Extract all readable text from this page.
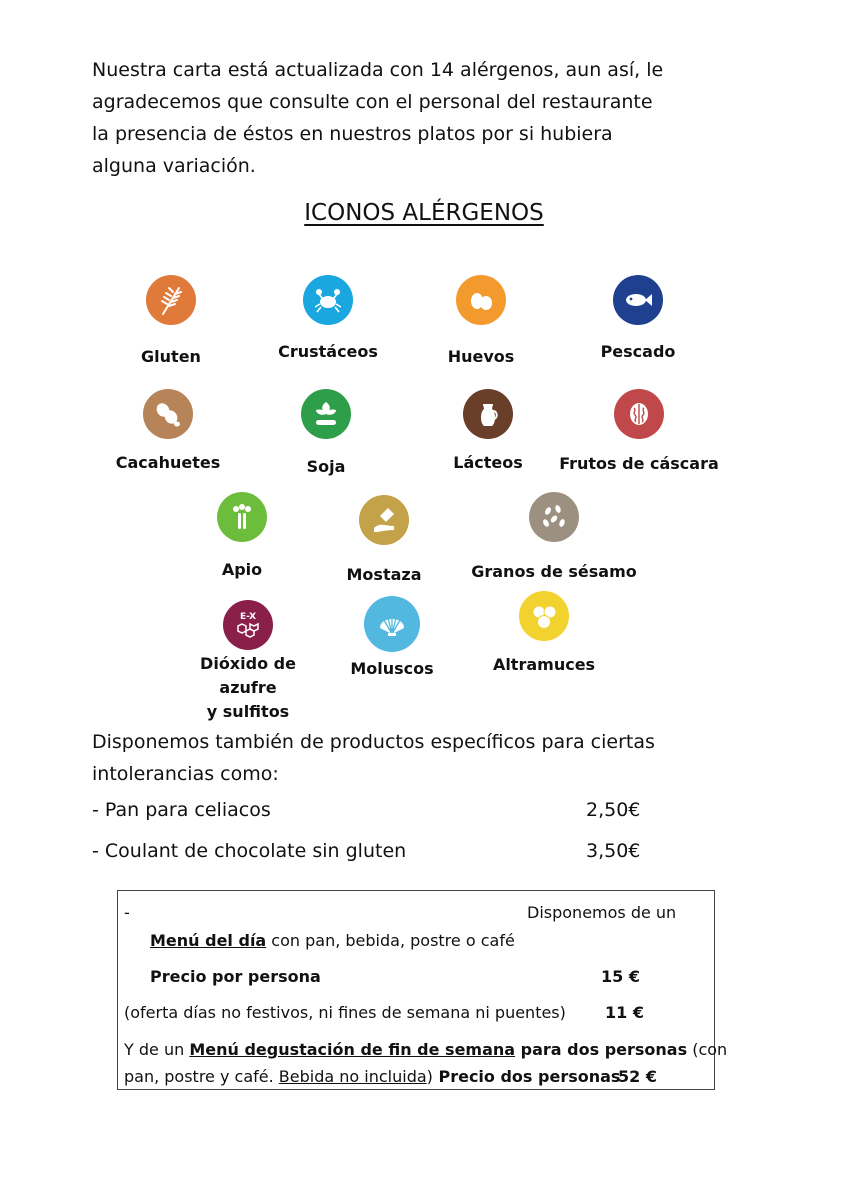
Nuestra carta está actualizada con 14 alérgenos, aun así, le agradecemos que consulte con el personal del restaurante la presencia de éstos en nuestros platos por si hubiera alguna variación.
ICONOS ALÉRGENOS
Gluten	Crustáceos	Huevos	Pescado
Cacahuetes	Soja	Lácteos	Frutos de cáscara
Apio	Mostaza	Granos de sésamo
E-X
Dióxido de
azufre
y sulfitos
Moluscos	Altramuces
Disponemos también de productos específicos para ciertas intolerancias como:
- Pan para celiacos	2,50€
- Coulant de chocolate sin gluten	3,50€
-	Disponemos de un
Menú del día con pan, bebida, postre o café
Precio por persona	15 €
(oferta días no festivos, ni fines de semana ni puentes) 11 €
Y de un Menú degustación de fin de semana para dos personas (con
pan, postre y café. Bebida no incluida) Precio dos personas
52 €
